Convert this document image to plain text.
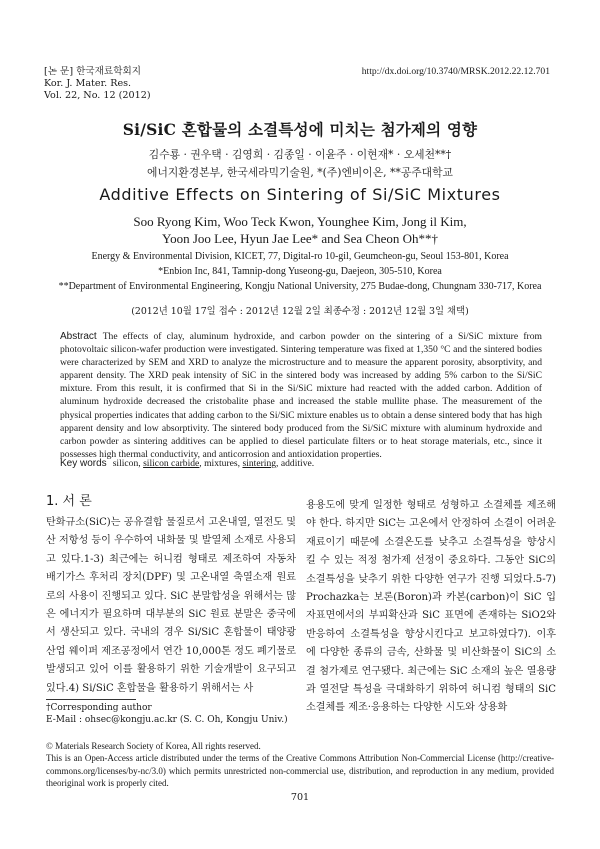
[논 문] 한국재료학회지
Kor. J. Mater. Res.
Vol. 22, No. 12 (2012)
http://dx.doi.org/10.3740/MRSK.2012.22.12.701
Si/SiC 혼합물의 소결특성에 미치는 첨가제의 영향
김수룡 · 권우택 · 김영희 · 김종일 · 이윤주 · 이현재* · 오세천**†
에너지환경본부, 한국세라믹기술원, *(주)엔비이온, **공주대학교
Additive Effects on Sintering of Si/SiC Mixtures
Soo Ryong Kim, Woo Teck Kwon, Younghee Kim, Jong il Kim,
Yoon Joo Lee, Hyun Jae Lee* and Sea Cheon Oh**†
Energy & Environmental Division, KICET, 77, Digital-ro 10-gil, Geumcheon-gu, Seoul 153-801, Korea
*Enbion Inc, 841, Tamnip-dong Yuseong-gu, Daejeon, 305-510, Korea
**Department of Environmental Engineering, Kongju National University, 275 Budae-dong, Chungnam 330-717, Korea
(2012년 10월 17일 접수 : 2012년 12월 2일 최종수정 : 2012년 12월 3일 채택)
Abstract The effects of clay, aluminum hydroxide, and carbon powder on the sintering of a Si/SiC mixture from photovoltaic silicon-wafer production were investigated. Sintering temperature was fixed at 1,350 °C and the sintered bodies were characterized by SEM and XRD to analyze the microstructure and to measure the apparent porosity, absorptivity, and apparent density. The XRD peak intensity of SiC in the sintered body was increased by adding 5% carbon to the Si/SiC mixture. From this result, it is confirmed that Si in the Si/SiC mixture had reacted with the added carbon. Addition of aluminum hydroxide decreased the cristobalite phase and increased the stable mullite phase. The measurement of the physical properties indicates that adding carbon to the Si/SiC mixture enables us to obtain a dense sintered body that has high apparent density and low absorptivity. The sintered body produced from the Si/SiC mixture with aluminum hydroxide and carbon powder as sintering additives can be applied to diesel particulate filters or to heat storage materials, etc., since it possesses high thermal conductivity, and anticorrosion and antioxidation properties.
Key words silicon, silicon carbide, mixtures, sintering, additive.
1. 서 론

탄화규소(SiC)는 공유결합 물질로서 고온내열, 열전도 및 산 저항성 등이 우수하여 내화물 및 발열체 소재로 사용되고 있다.1-3) 최근에는 허니컴 형태로 제조하여 자동차 배기가스 후처리 장치(DPF) 및 고온내열 축열소재 원료로의 사용이 진행되고 있다. SiC 분말합성을 위해서는 많은 에너지가 필요하며 대부분의 SiC 원료 분말은 중국에서 생산되고 있다. 국내의 경우 Si/SiC 혼합물이 태양광산업 웨이퍼 제조공정에서 연간 10,000톤 정도 폐기물로 발생되고 있어 이를 활용하기 위한 기술개발이 요구되고 있다.4) Si/SiC 혼합물을 활용하기 위해서는 사

용용도에 맞게 일정한 형태로 성형하고 소결체를 제조해야 한다. 하지만 SiC는 고온에서 안정하여 소결이 어려운 재료이기 때문에 소결온도를 낮추고 소결특성을 향상시킬 수 있는 적정 첨가제 선정이 중요하다. 그동안 SiC의 소결특성을 낮추기 위한 다양한 연구가 진행 되었다.5-7) Prochazka는 보론(Boron)과 카본(carbon)이 SiC 입자표면에서의 부피확산과 SiC 표면에 존재하는 SiO2와 반응하여 소결특성을 향상시킨다고 보고하였다7). 이후에 다양한 종류의 금속, 산화물 및 비산화물이 SiC의 소결 첨가제로 연구됐다. 최근에는 SiC 소재의 높은 열용량과 열전달 특성을 극대화하기 위하여 허니컴 형태의 SiC 소결체를 제조·응용하는 다양한 시도와 상용화

†Corresponding author
E-Mail : ohsec@kongju.ac.kr (S. C. Oh, Kongju Univ.)
© Materials Research Society of Korea, All rights reserved.
This is an Open-Access article distributed under the terms of the Creative Commons Attribution Non-Commercial License (http://creative-commons.org/licenses/by-nc/3.0) which permits unrestricted non-commercial use, distribution, and reproduction in any medium, provided theoriginal work is properly cited.
701
